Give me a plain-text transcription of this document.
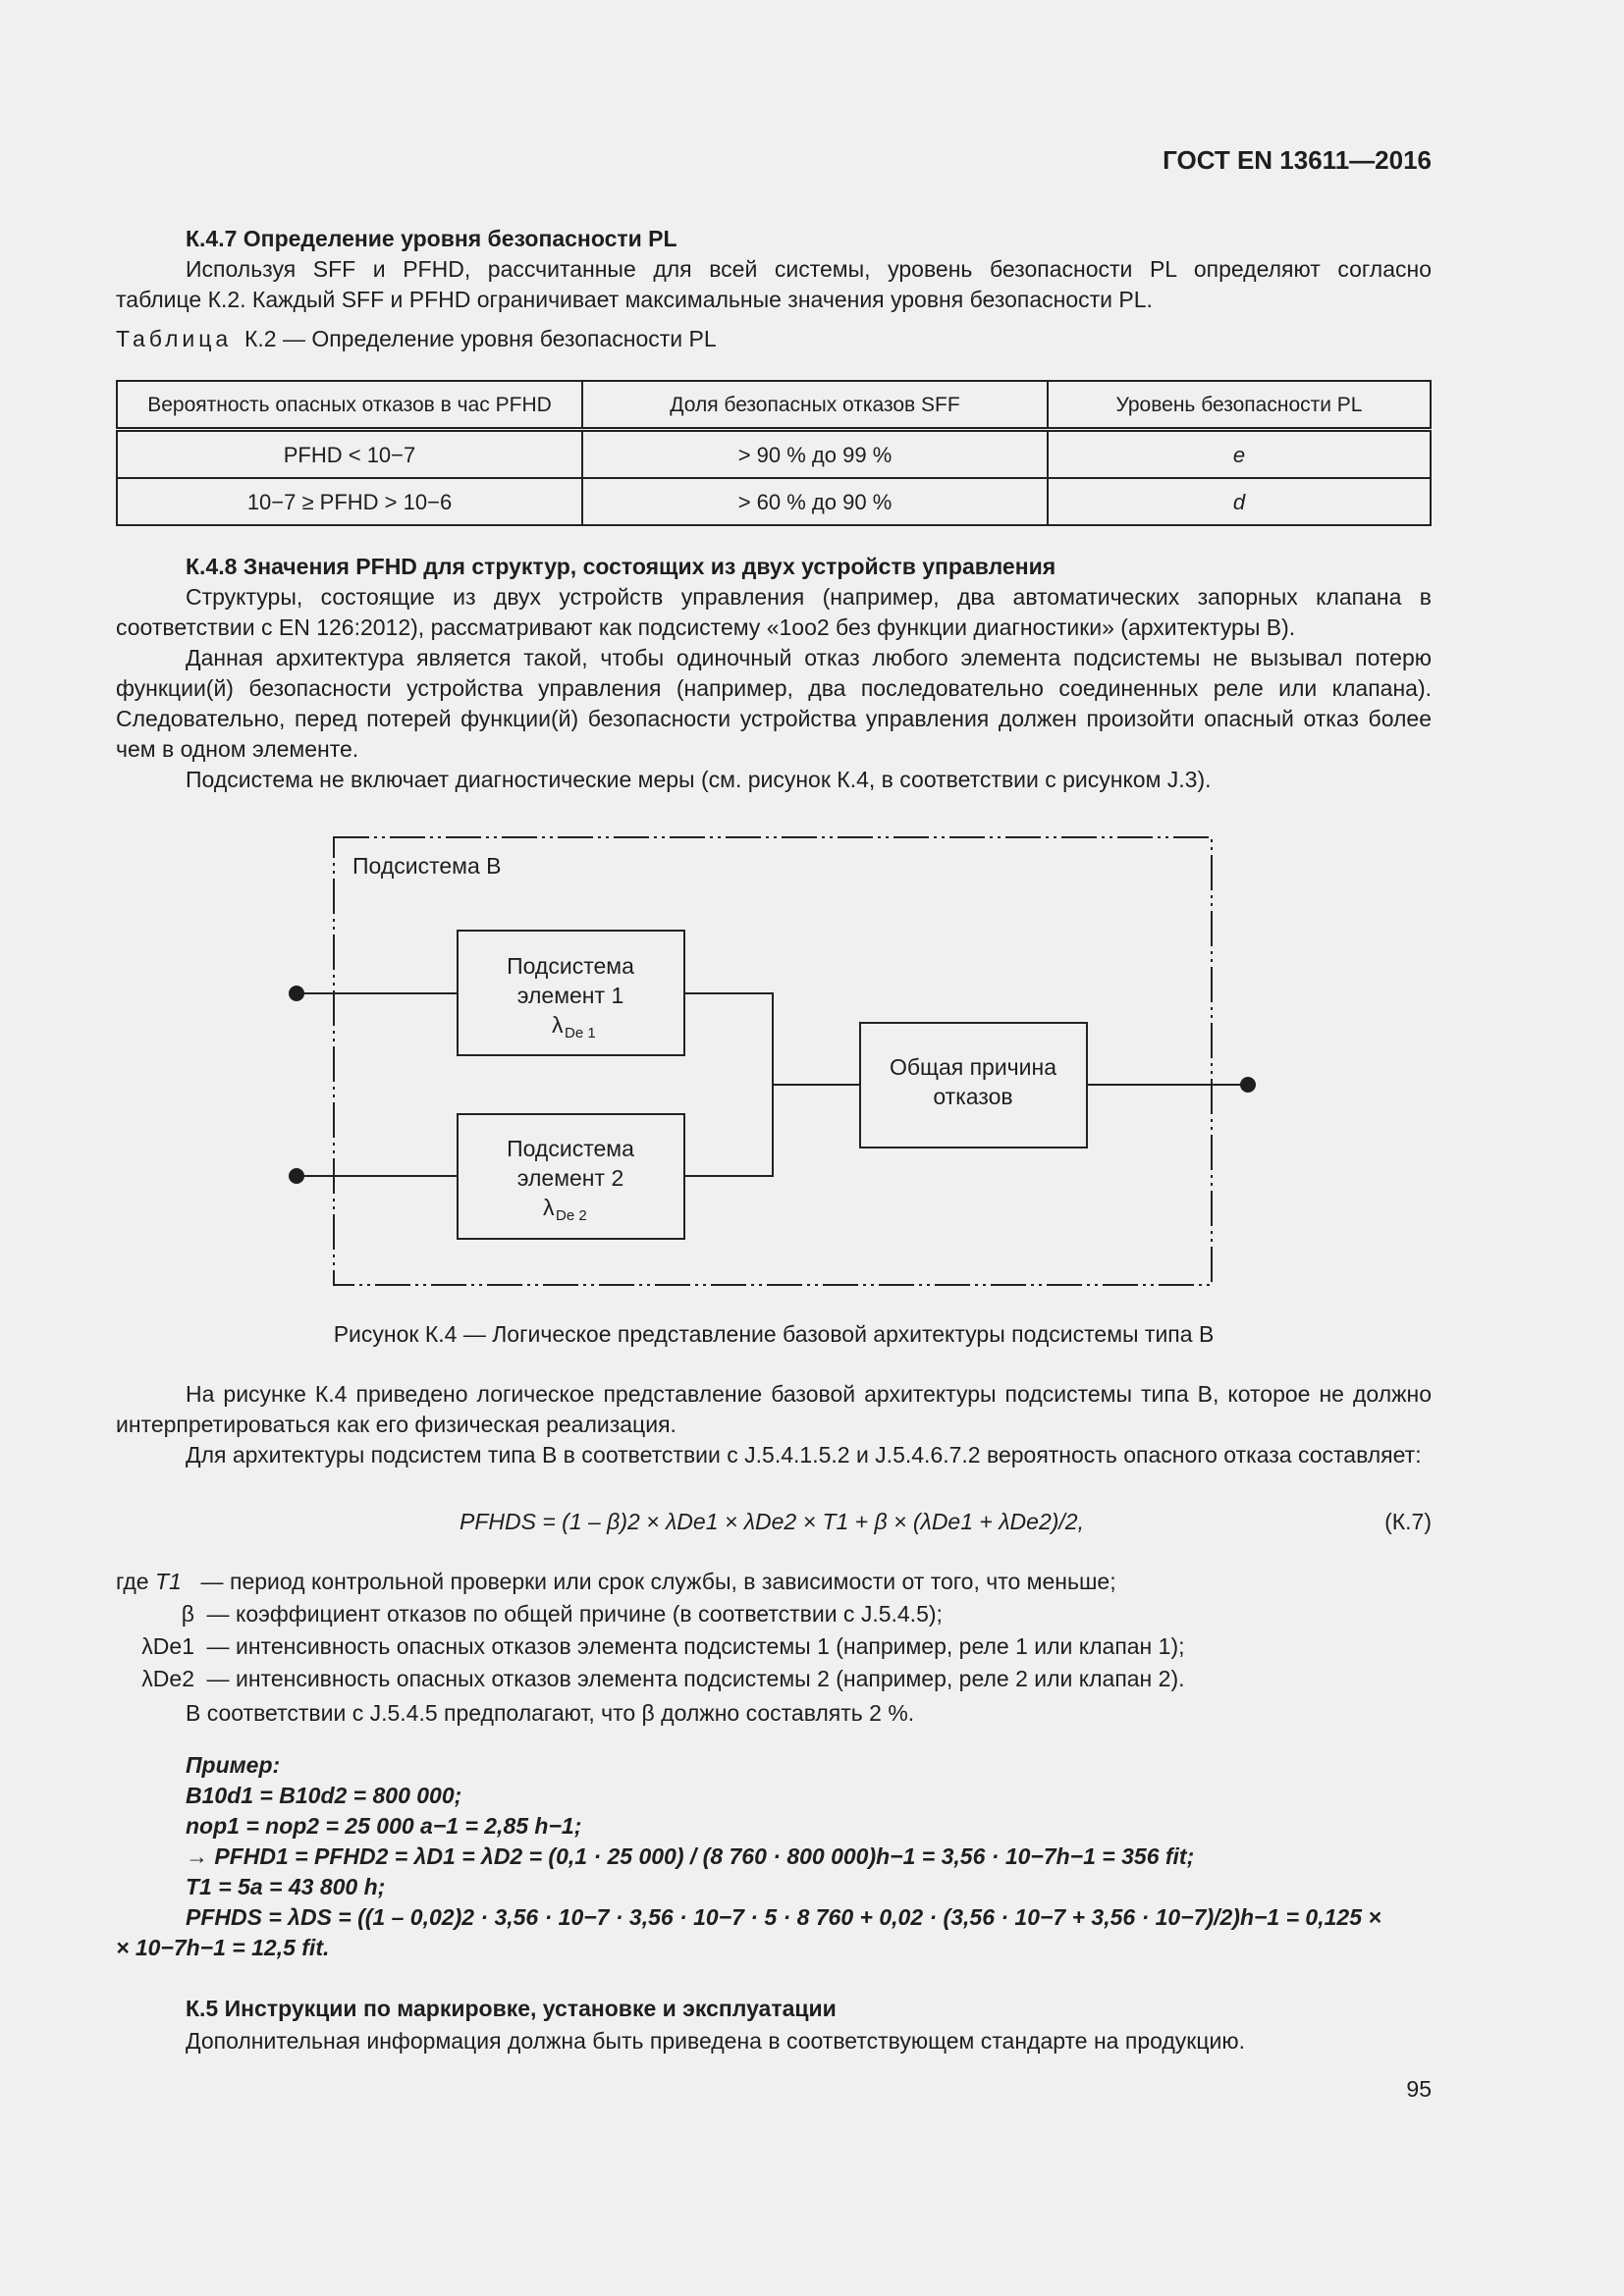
ГОСТ EN 13611—2016

К.4.7 Определение уровня безопасности PL

Используя SFF и PFHD, рассчитанные для всей системы, уровень безопасности PL определяют согласно

таблице К.2. Каждый SFF и PFHD ограничивает максимальные значения уровня безопасности PL.

Таблица К.2 — Определение уровня безопасности PL

Вероятность опасных отказов в час PFHD	Доля безопасных отказов SFF	Уровень безопасности PL
PFHD < 10−7	> 90 % до 99 %	e
10−7 ≥ PFHD > 10−6	> 60 % до 90 %	d

К.4.8 Значения PFHD для структур, состоящих из двух устройств управления

Структуры, состоящие из двух устройств управления (например, два автоматических запорных клапана в соответствии с EN 126:2012), рассматривают как подсистему «1oo2 без функции диагностики» (архитектуры В).

Данная архитектура является такой, чтобы одиночный отказ любого элемента подсистемы не вызывал потерю функции(й) безопасности устройства управления (например, два последовательно соединенных реле или клапана). Следовательно, перед потерей функции(й) безопасности устройства управления должен произойти опасный отказ более чем в одном элементе.

Подсистема не включает диагностические меры (см. рисунок К.4, в соответствии с рисунком J.3).

Подсистема В
Подсистема
элемент 1
λ De 1
Подсистема
элемент 2
λ De 2
Общая причина
отказов
Рисунок К.4 — Логическое представление базовой архитектуры подсистемы типа В

На рисунке К.4 приведено логическое представление базовой архитектуры подсистемы типа В, которое не должно интерпретироваться как его физическая реализация.

Для архитектуры подсистем типа В в соответствии с J.5.4.1.5.2 и J.5.4.6.7.2 вероятность опасного отказа составляет:

PFHDS = (1 – β)2 × λDe1 × λDe2 × T1 + β × (λDe1 + λDe2)/2,	(К.7)
где T1 — период контрольной проверки или срок службы, в зависимости от того, что меньше;
β — коэффициент отказов по общей причине (в соответствии с J.5.4.5);
λDe1 — интенсивность опасных отказов элемента подсистемы 1 (например, реле 1 или клапан 1);
λDe2 — интенсивность опасных отказов элемента подсистемы 2 (например, реле 2 или клапан 2).

В соответствии с J.5.4.5 предполагают, что β должно составлять 2 %.

Пример:

B10d1 = B10d2 = 800 000;

nop1 = nop2 = 25 000 a−1 = 2,85 h−1;

→ PFHD1 = PFHD2 = λD1 = λD2 = (0,1 · 25 000) / (8 760 · 800 000)h−1 = 3,56 · 10−7h−1 = 356 fit;

T1 = 5a = 43 800 h;

PFHDS = λDS = ((1 – 0,02)2 · 3,56 · 10−7 · 3,56 · 10−7 · 5 · 8 760 + 0,02 · (3,56 · 10−7 + 3,56 · 10−7)/2)h−1 = 0,125 ×

× 10−7h−1 = 12,5 fit.

К.5 Инструкции по маркировке, установке и эксплуатации

Дополнительная информация должна быть приведена в соответствующем стандарте на продукцию.

95
